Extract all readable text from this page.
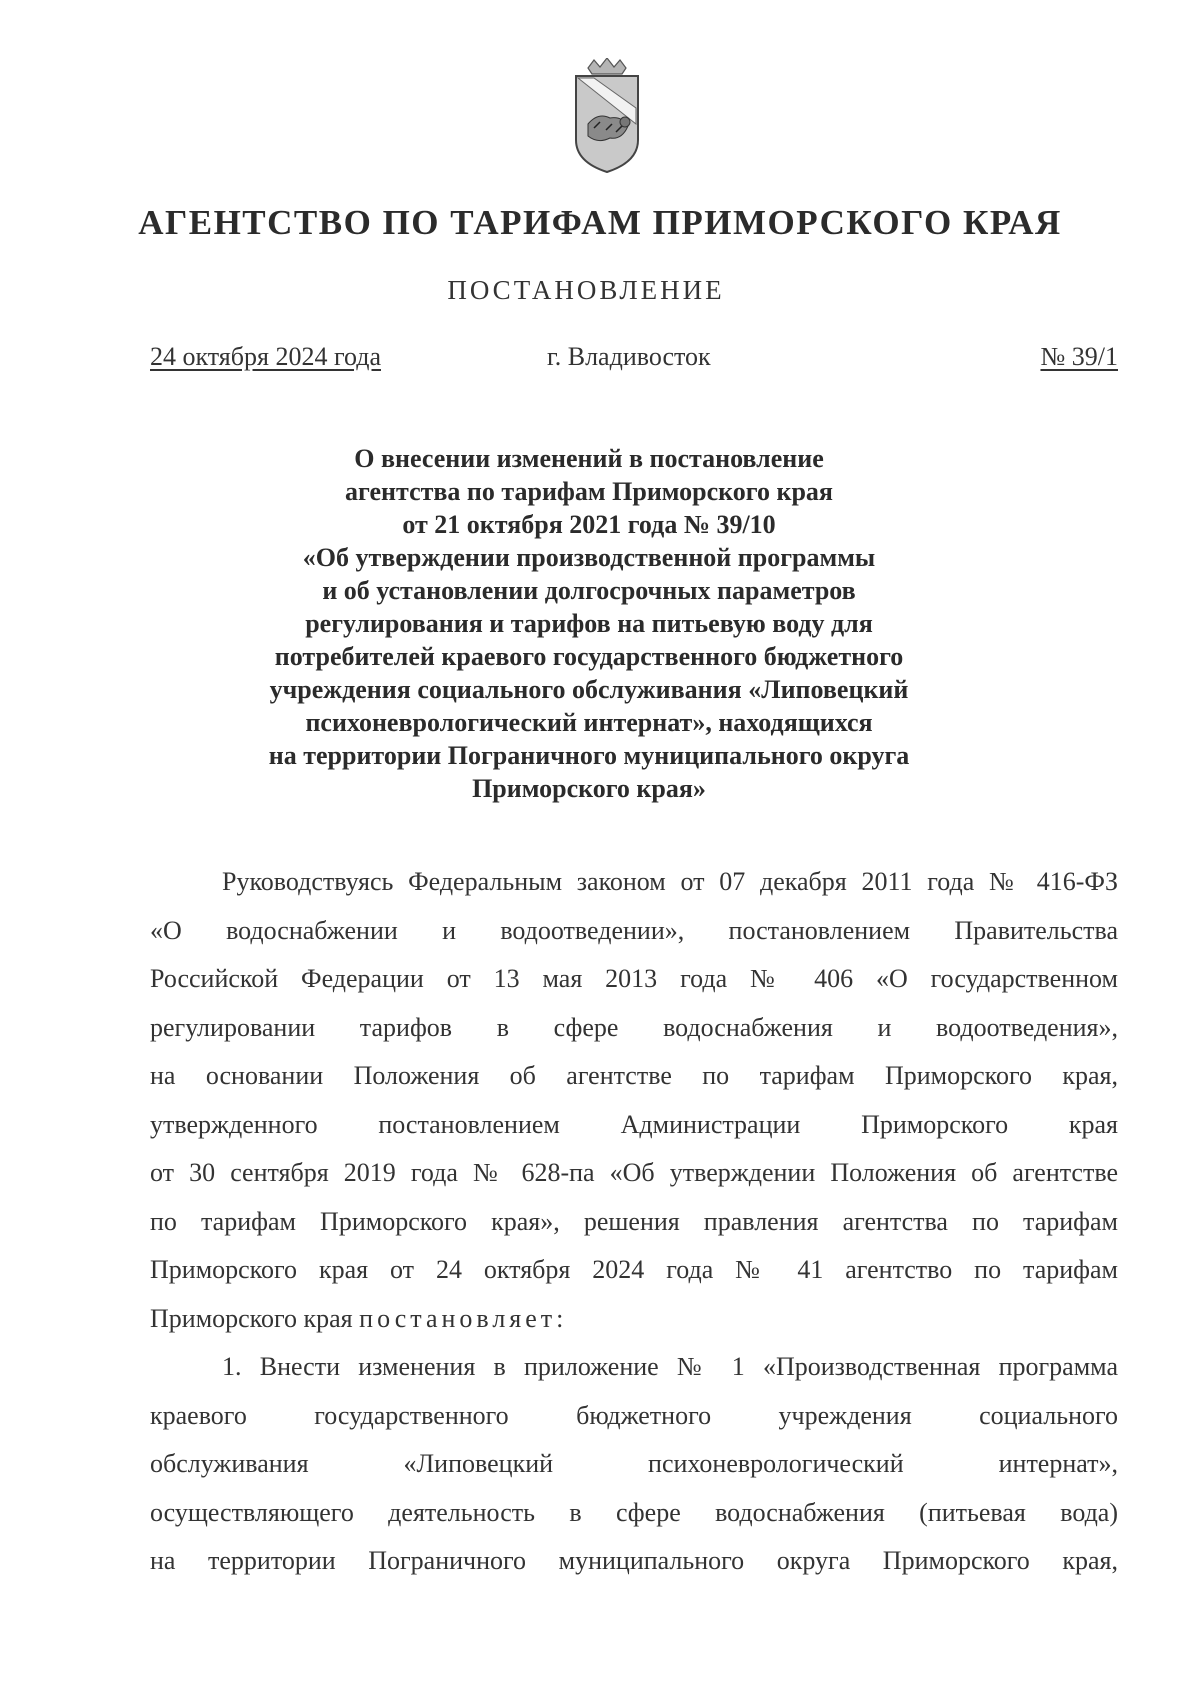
АГЕНТСТВО ПО ТАРИФАМ ПРИМОРСКОГО КРАЯ
ПОСТАНОВЛЕНИЕ
24 октября 2024 года	г. Владивосток	№ 39/1
О внесении изменений в постановление
агентства по тарифам Приморского края
от 21 октября 2021 года № 39/10
«Об утверждении производственной программы
и об установлении долгосрочных параметров
регулирования и тарифов на питьевую воду для
потребителей краевого государственного бюджетного
учреждения социального обслуживания «Липовецкий
психоневрологический интернат», находящихся
на территории Пограничного муниципального округа
Приморского края»
Руководствуясь Федеральным законом от 07 декабря 2011 года № 416-ФЗ
«О водоснабжении и водоотведении», постановлением Правительства
Российской Федерации от 13 мая 2013 года № 406 «О государственном
регулировании тарифов в сфере водоснабжения и водоотведения»,
на основании Положения об агентстве по тарифам Приморского края,
утвержденного постановлением Администрации Приморского края
от 30 сентября 2019 года № 628-па «Об утверждении Положения об агентстве
по тарифам Приморского края», решения правления агентства по тарифам
Приморского края от 24 октября 2024 года № 41 агентство по тарифам
Приморского края постановляет:
1. Внести изменения в приложение № 1 «Производственная программа
краевого государственного бюджетного учреждения социального
обслуживания «Липовецкий психоневрологический интернат»,
осуществляющего деятельность в сфере водоснабжения (питьевая вода)
на территории Пограничного муниципального округа Приморского края,
